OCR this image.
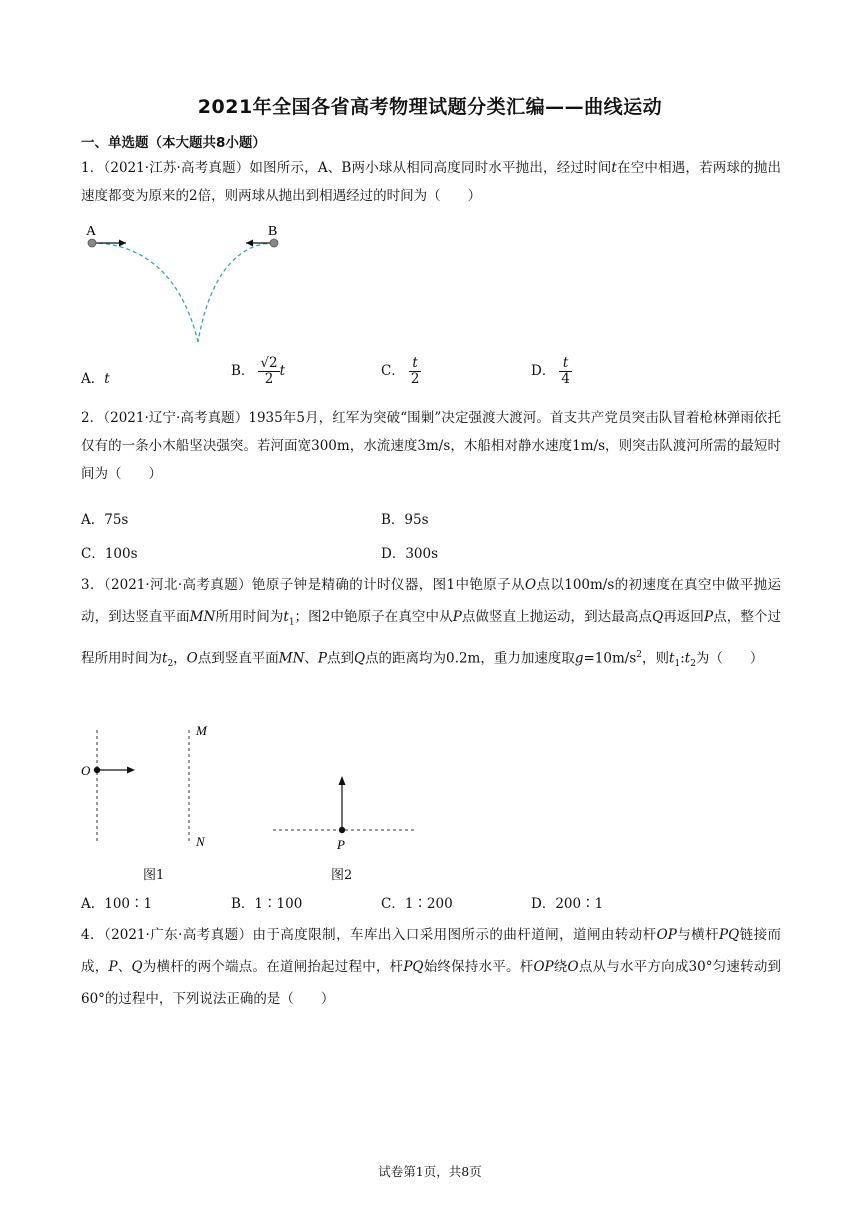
2021年全国各省高考物理试题分类汇编——曲线运动
一、单选题（本大题共8小题）
1．（2021·江苏·高考真题）如图所示，A、B两小球从相同高度同时水平抛出，经过时间t在空中相遇，若两球的抛出速度都变为原来的2倍，则两球从抛出到相遇经过的时间为（　　）
A	B
A．t	B． $\frac{√2}{2}$ t	C． $\frac{t}{2}$	D． $\frac{t}{4}$
2．（2021·辽宁·高考真题）1935年5月，红军为突破“围剿”决定强渡大渡河。首支共产党员突击队冒着枪林弹雨依托仅有的一条小木船坚决强突。若河面宽300m，水流速度3m/s，木船相对静水速度1m/s，则突击队渡河所需的最短时间为（　　）
A．75s	B．95s
C．100s	D．300s
3．（2021·河北·高考真题）铯原子钟是精确的计时仪器，图1中铯原子从O点以100m/s的初速度在真空中做平抛运动，到达竖直平面MN所用时间为$t_1$；图2中铯原子在真空中从P点做竖直上抛运动，到达最高点Q再返回P点，整个过程所用时间为$t_2$，O点到竖直平面MN、P点到Q点的距离均为0.2m，重力加速度取$g=10m/s^2$，则$t_1:t_2$为（　　）
O
M
N	P
图1	图2
A．100∶1	B．1∶100	C．1∶200	D．200∶1
4．（2021·广东·高考真题）由于高度限制，车库出入口采用图所示的曲杆道闸，道闸由转动杆OP与横杆PQ链接而成，P、Q为横杆的两个端点。在道闸抬起过程中，杆PQ始终保持水平。杆OP绕O点从与水平方向成30°匀速转动到60°的过程中，下列说法正确的是（　　）
试卷第1页，共8页
